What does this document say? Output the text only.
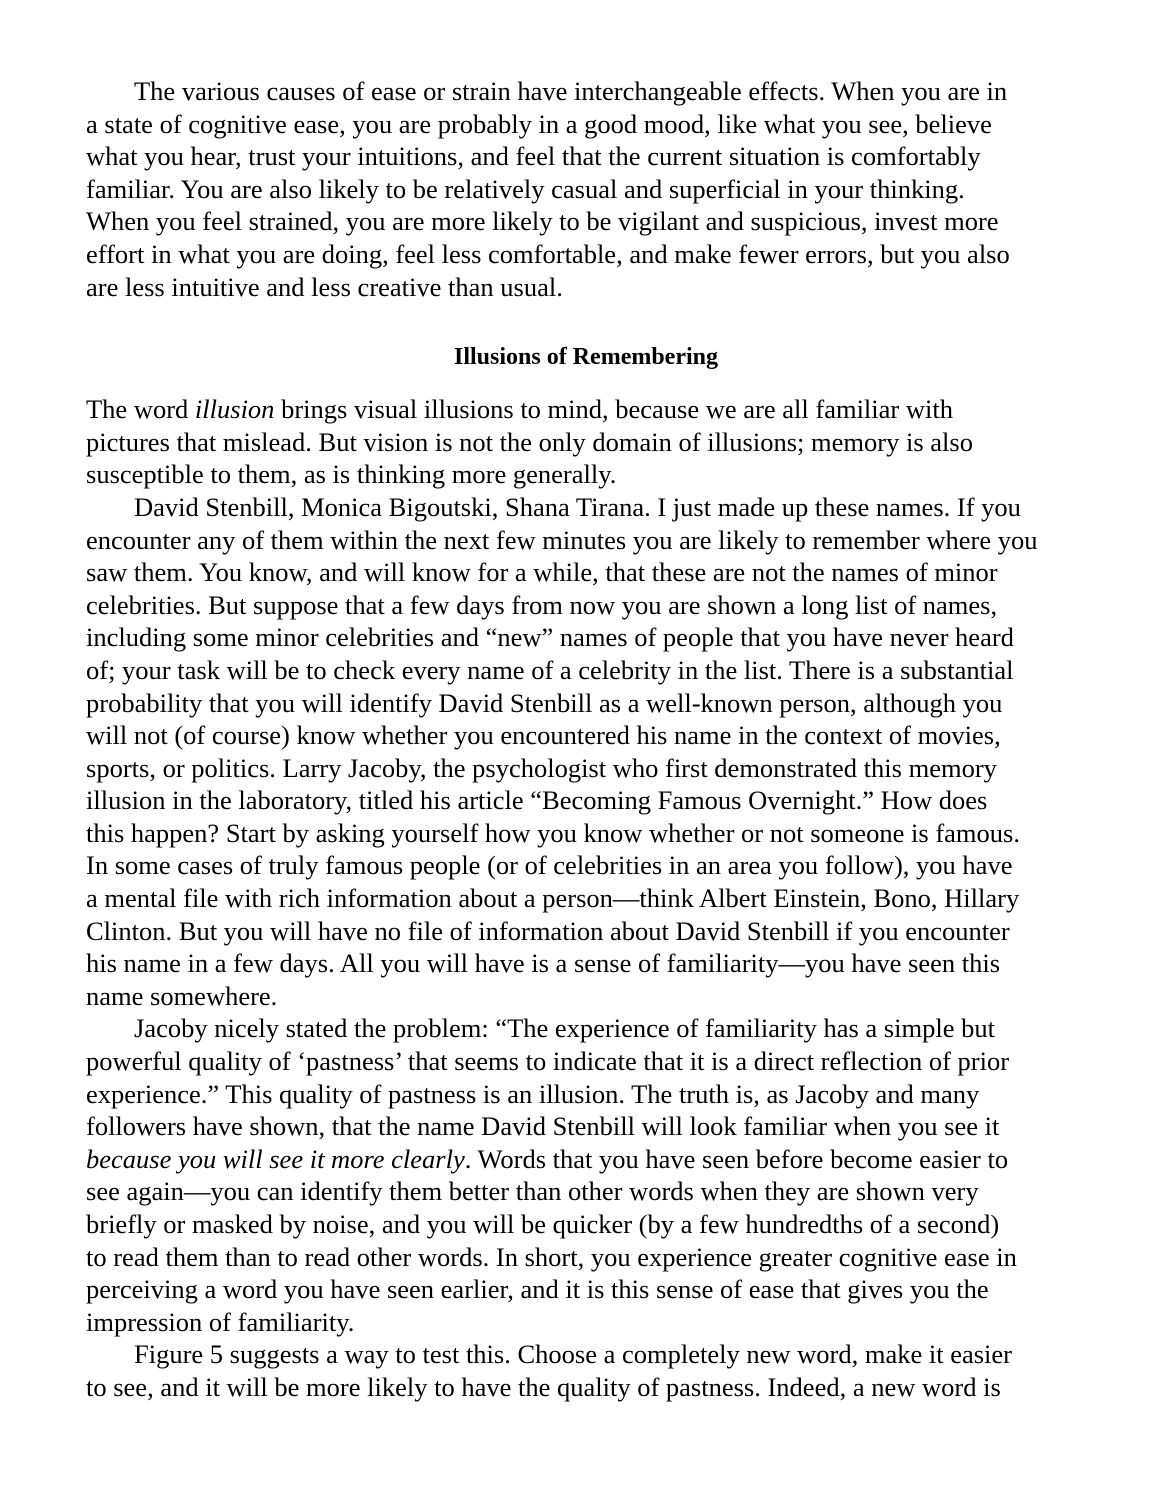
The various causes of ease or strain have interchangeable effects. When you are in
a state of cognitive ease, you are probably in a good mood, like what you see, believe
what you hear, trust your intuitions, and feel that the current situation is comfortably
familiar. You are also likely to be relatively casual and superficial in your thinking.
When you feel strained, you are more likely to be vigilant and suspicious, invest more
effort in what you are doing, feel less comfortable, and make fewer errors, but you also
are less intuitive and less creative than usual.

Illusions of Remembering

The word illusion brings visual illusions to mind, because we are all familiar with
pictures that mislead. But vision is not the only domain of illusions; memory is also
susceptible to them, as is thinking more generally.

David Stenbill, Monica Bigoutski, Shana Tirana. I just made up these names. If you
encounter any of them within the next few minutes you are likely to remember where you
saw them. You know, and will know for a while, that these are not the names of minor
celebrities. But suppose that a few days from now you are shown a long list of names,
including some minor celebrities and “new” names of people that you have never heard
of; your task will be to check every name of a celebrity in the list. There is a substantial
probability that you will identify David Stenbill as a well-known person, although you
will not (of course) know whether you encountered his name in the context of movies,
sports, or politics. Larry Jacoby, the psychologist who first demonstrated this memory
illusion in the laboratory, titled his article “Becoming Famous Overnight.” How does
this happen? Start by asking yourself how you know whether or not someone is famous.
In some cases of truly famous people (or of celebrities in an area you follow), you have
a mental file with rich information about a person—think Albert Einstein, Bono, Hillary
Clinton. But you will have no file of information about David Stenbill if you encounter
his name in a few days. All you will have is a sense of familiarity—you have seen this
name somewhere.

Jacoby nicely stated the problem: “The experience of familiarity has a simple but
powerful quality of ‘pastness’ that seems to indicate that it is a direct reflection of prior
experience.” This quality of pastness is an illusion. The truth is, as Jacoby and many
followers have shown, that the name David Stenbill will look familiar when you see it
because you will see it more clearly. Words that you have seen before become easier to
see again—you can identify them better than other words when they are shown very
briefly or masked by noise, and you will be quicker (by a few hundredths of a second)
to read them than to read other words. In short, you experience greater cognitive ease in
perceiving a word you have seen earlier, and it is this sense of ease that gives you the
impression of familiarity.

Figure 5 suggests a way to test this. Choose a completely new word, make it easier
to see, and it will be more likely to have the quality of pastness. Indeed, a new word is
